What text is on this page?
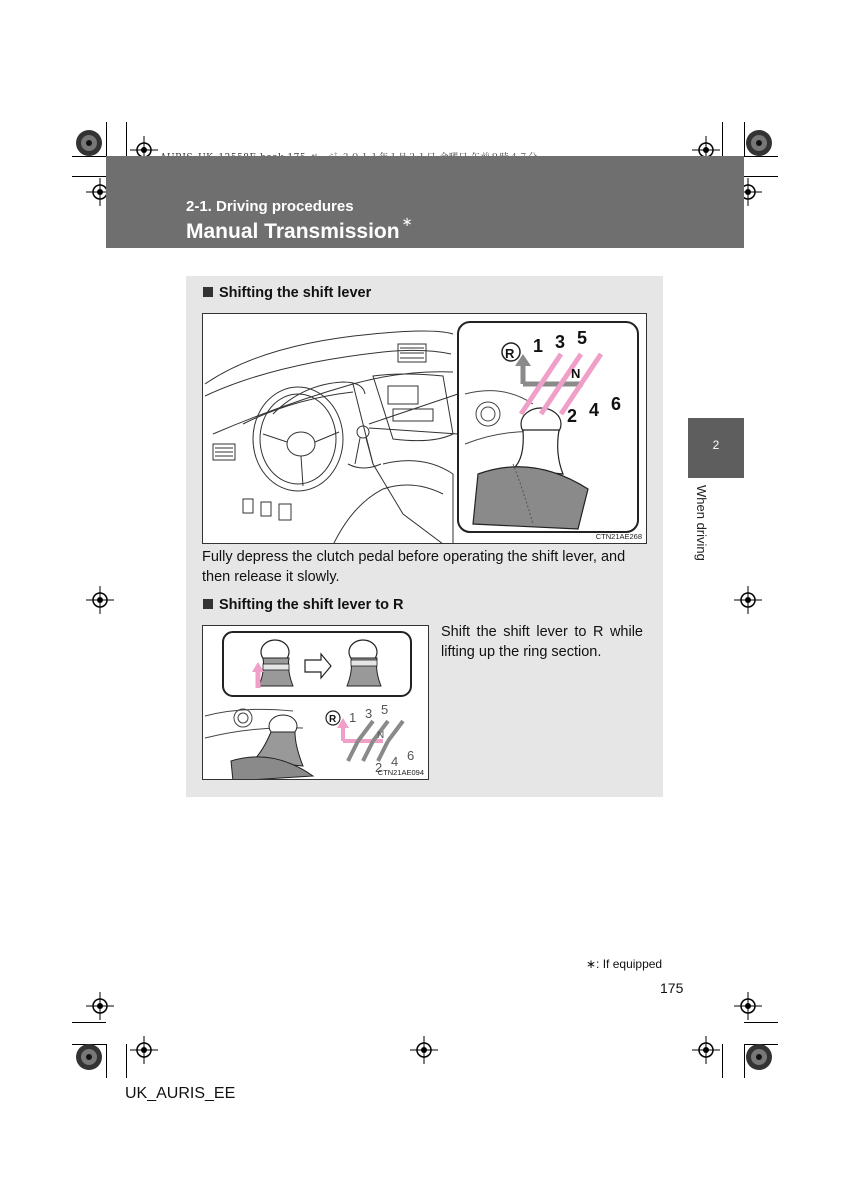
2-1. Driving procedures
Manual Transmission ∗
2
When driving
Shifting the shift lever
R 1 3 5
N
2 4 6
CTN21AE268
Fully depress the clutch pedal before operating the shift lever, and then release it slowly.
Shifting the shift lever to R
R 1 3 5
N
2 4 6
CTN21AE094
Shift the shift lever to R while lifting up the ring section.
∗: If equipped
175
UK_AURIS_EE
